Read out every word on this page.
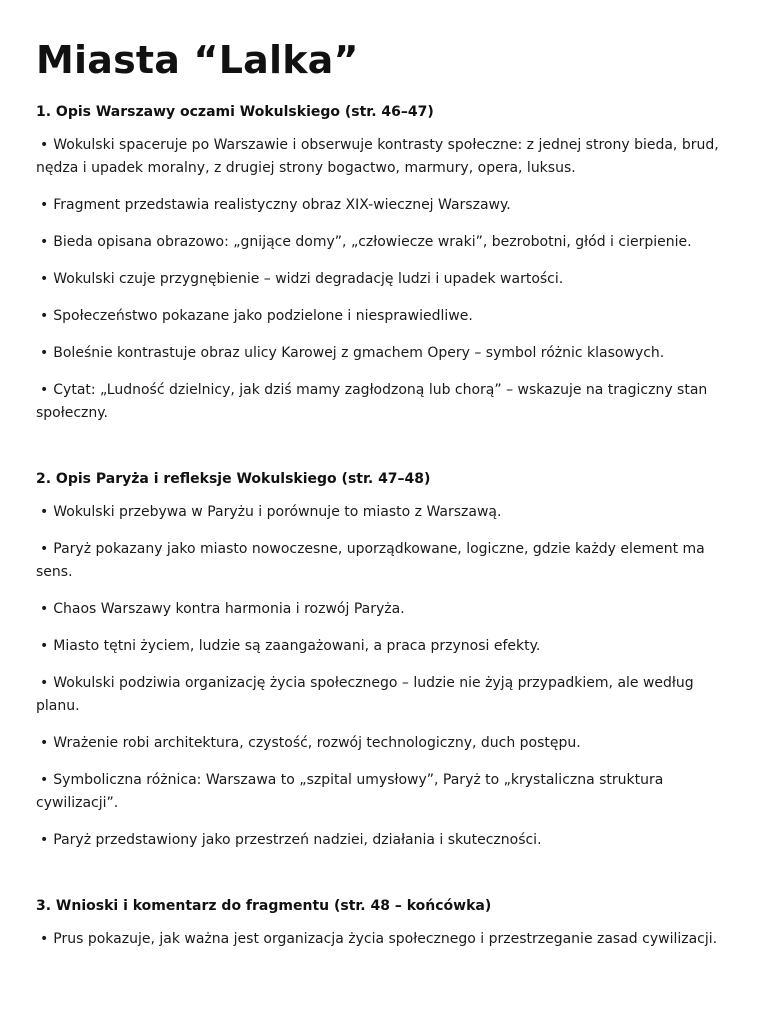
Miasta “Lalka”
1. Opis Warszawy oczami Wokulskiego (str. 46–47)

• Wokulski spaceruje po Warszawie i obserwuje kontrasty społeczne: z jednej strony bieda, brud, nędza i upadek moralny, z drugiej strony bogactwo, marmury, opera, luksus.

• Fragment przedstawia realistyczny obraz XIX-wiecznej Warszawy.

• Bieda opisana obrazowo: „gnijące domy”, „człowiecze wraki”, bezrobotni, głód i cierpienie.

• Wokulski czuje przygnębienie – widzi degradację ludzi i upadek wartości.

• Społeczeństwo pokazane jako podzielone i niesprawiedliwe.

• Boleśnie kontrastuje obraz ulicy Karowej z gmachem Opery – symbol różnic klasowych.

• Cytat: „Ludność dzielnicy, jak dziś mamy zagłodzoną lub chorą” – wskazuje na tragiczny stan społeczny.

2. Opis Paryża i refleksje Wokulskiego (str. 47–48)

• Wokulski przebywa w Paryżu i porównuje to miasto z Warszawą.

• Paryż pokazany jako miasto nowoczesne, uporządkowane, logiczne, gdzie każdy element ma sens.

• Chaos Warszawy kontra harmonia i rozwój Paryża.

• Miasto tętni życiem, ludzie są zaangażowani, a praca przynosi efekty.

• Wokulski podziwia organizację życia społecznego – ludzie nie żyją przypadkiem, ale według planu.

• Wrażenie robi architektura, czystość, rozwój technologiczny, duch postępu.

• Symboliczna różnica: Warszawa to „szpital umysłowy”, Paryż to „krystaliczna struktura cywilizacji”.

• Paryż przedstawiony jako przestrzeń nadziei, działania i skuteczności.

3. Wnioski i komentarz do fragmentu (str. 48 – końcówka)

• Prus pokazuje, jak ważna jest organizacja życia społecznego i przestrzeganie zasad cywilizacji.
